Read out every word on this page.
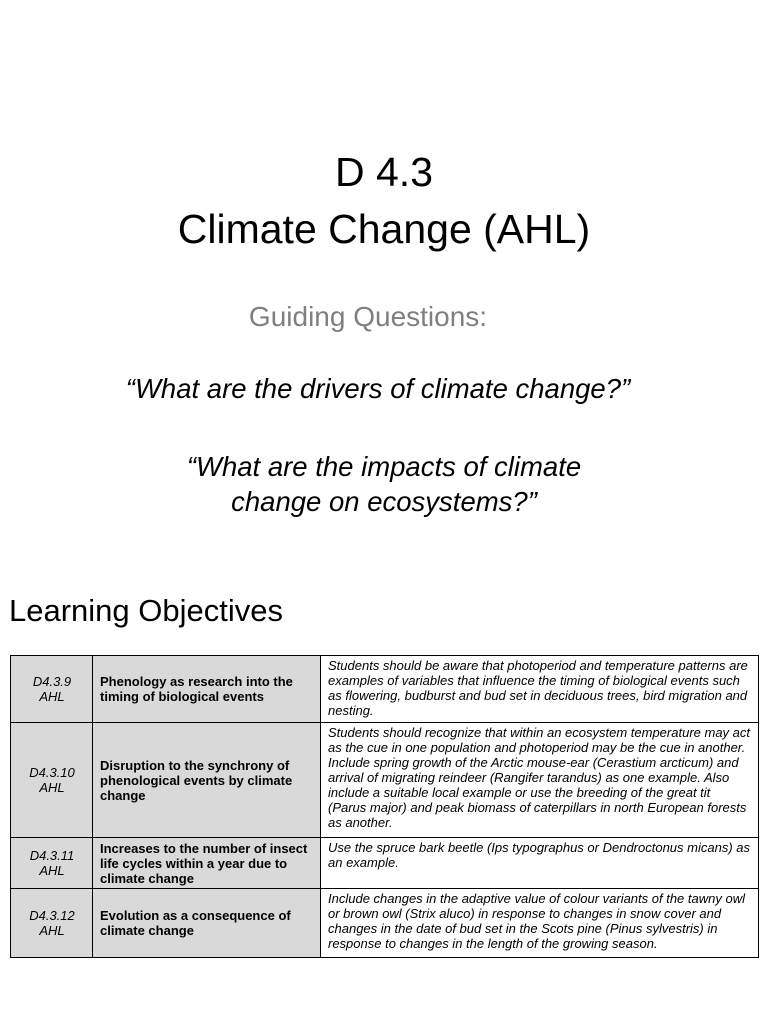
D 4.3
Climate Change (AHL)
Guiding Questions:
“What are the drivers of climate change?”
“What are the impacts of climate change on ecosystems?”
Learning Objectives
D4.3.9
AHL	Phenology as research into the timing of biological events	Students should be aware that photoperiod and temperature patterns are examples of variables that influence the timing of biological events such as flowering, budburst and bud set in deciduous trees, bird migration and nesting.

D4.3.10
AHL	Disruption to the synchrony of phenological events by climate change	Students should recognize that within an ecosystem temperature may act as the cue in one population and photoperiod may be the cue in another. Include spring growth of the Arctic mouse-ear (Cerastium arcticum) and arrival of migrating reindeer (Rangifer tarandus) as one example. Also include a suitable local example or use the breeding of the great tit (Parus major) and peak biomass of caterpillars in north European forests as another.

D4.3.11
AHL	Increases to the number of insect life cycles within a year due to climate change	Use the spruce bark beetle (Ips typographus or Dendroctonus micans) as an example.

D4.3.12
AHL	Evolution as a consequence of climate change	Include changes in the adaptive value of colour variants of the tawny owl or brown owl (Strix aluco) in response to changes in snow cover and changes in the date of bud set in the Scots pine (Pinus sylvestris) in response to changes in the length of the growing season.
